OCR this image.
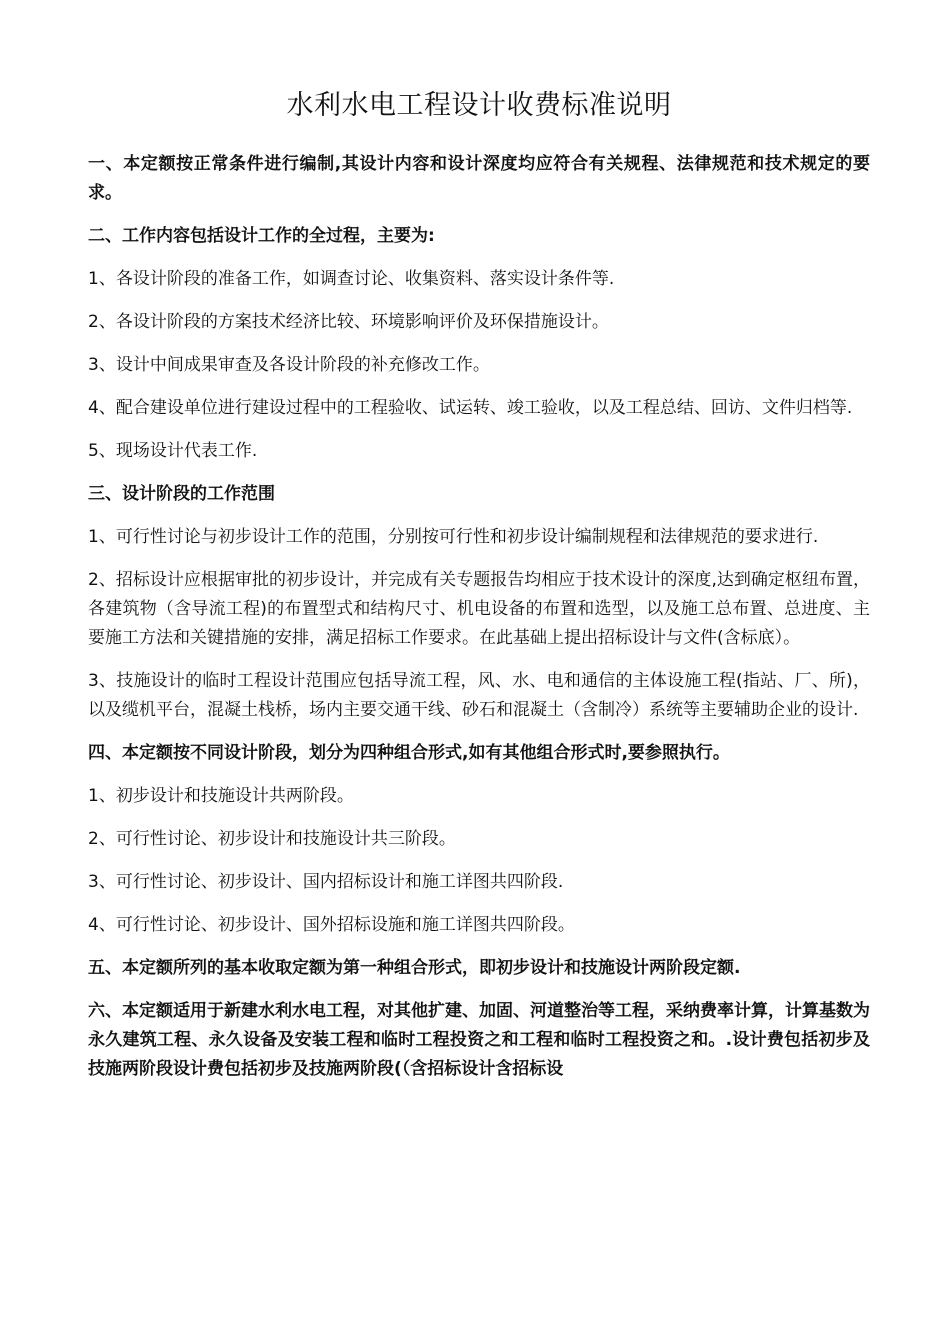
水利水电工程设计收费标准说明

一、本定额按正常条件进行编制,其设计内容和设计深度均应符合有关规程、法律规范和技术规定的要求。

二、工作内容包括设计工作的全过程，主要为:

1、各设计阶段的准备工作，如调查讨论、收集资料、落实设计条件等.

2、各设计阶段的方案技术经济比较、环境影响评价及环保措施设计。

3、设计中间成果审查及各设计阶段的补充修改工作。

4、配合建设单位进行建设过程中的工程验收、试运转、竣工验收，以及工程总结、回访、文件归档等.

5、现场设计代表工作.

三、设计阶段的工作范围

1、可行性讨论与初步设计工作的范围，分别按可行性和初步设计编制规程和法律规范的要求进行.

2、招标设计应根据审批的初步设计，并完成有关专题报告均相应于技术设计的深度,达到确定枢纽布置，各建筑物（含导流工程)的布置型式和结构尺寸、机电设备的布置和选型，以及施工总布置、总进度、主要施工方法和关键措施的安排，满足招标工作要求。在此基础上提出招标设计与文件(含标底）。

3、技施设计的临时工程设计范围应包括导流工程，风、水、电和通信的主体设施工程(指站、厂、所)，以及缆机平台，混凝土栈桥，场内主要交通干线、砂石和混凝土（含制冷）系统等主要辅助企业的设计.

四、本定额按不同设计阶段，划分为四种组合形式,如有其他组合形式时,要参照执行。

1、初步设计和技施设计共两阶段。

2、可行性讨论、初步设计和技施设计共三阶段。

3、可行性讨论、初步设计、国内招标设计和施工详图共四阶段.

4、可行性讨论、初步设计、国外招标设施和施工详图共四阶段。

五、本定额所列的基本收取定额为第一种组合形式，即初步设计和技施设计两阶段定额.

六、本定额适用于新建水利水电工程，对其他扩建、加固、河道整治等工程，采纳费率计算，计算基数为永久建筑工程、永久设备及安装工程和临时工程投资之和工程和临时工程投资之和。.设计费包括初步及技施两阶段设计费包括初步及技施两阶段(（含招标设计含招标设
